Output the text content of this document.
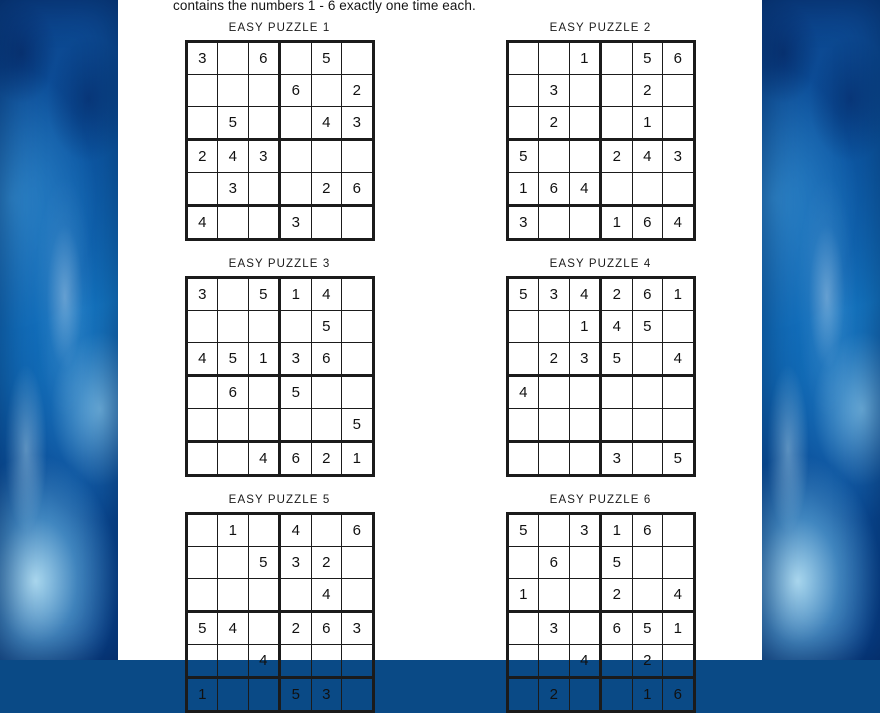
contains the numbers 1 - 6 exactly one time each.
EASY PUZZLE 1
3		6		5	
			6		2
	5			4	3
2	4	3			
	3			2	6
4			3		
EASY PUZZLE 2
		1		5	6
	3			2	
	2			1	
5			2	4	3
1	6	4			
3			1	6	4
EASY PUZZLE 3
3		5	1	4	
				5	
4	5	1	3	6	
	6		5		
					5
		4	6	2	1
EASY PUZZLE 4
5	3	4	2	6	1
		1	4	5	
	2	3	5		4
4					

			3		5
EASY PUZZLE 5
	1		4		6
		5	3	2	
				4	
5	4		2	6	3
		4			
1			5	3	
EASY PUZZLE 6
5		3	1	6	
	6		5		
1			2		4
	3		6	5	1
		4		2	
	2			1	6
